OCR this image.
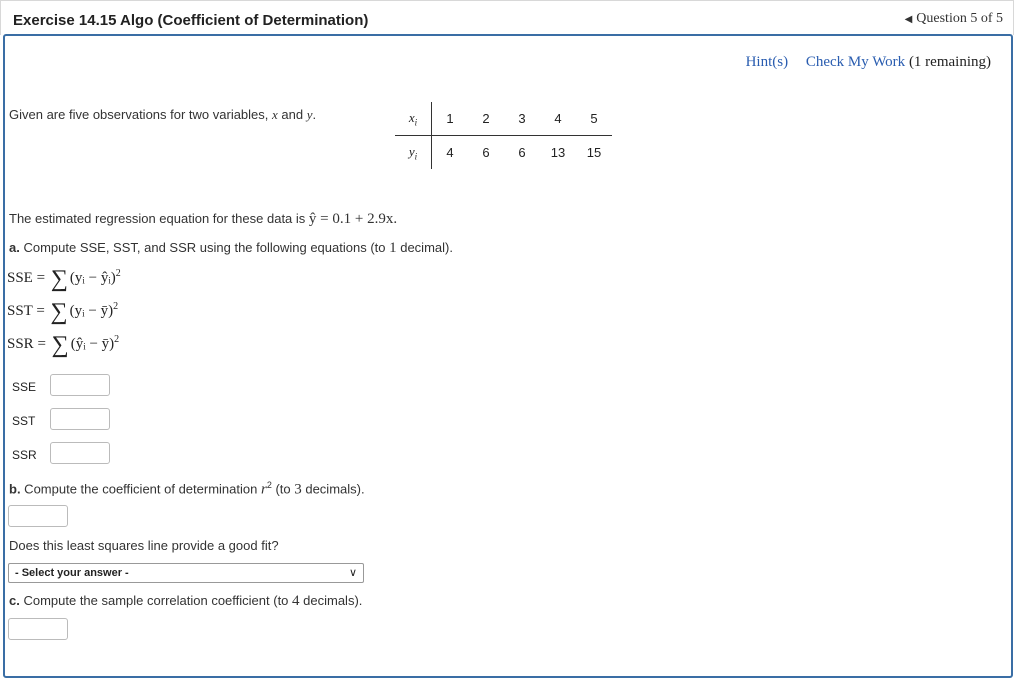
Exercise 14.15 Algo (Coefficient of Determination)	◀ Question 5 of 5
Hint(s) Check My Work (1 remaining)
Given are five observations for two variables, x and y.	$x_i$	1	2	3	4	5
$y_i$	4	6	6	13	15
The estimated regression equation for these data is ŷ = 0.1 + 2.9x.
a. Compute SSE, SST, and SSR using the following equations (to 1 decimal).
SSE = ∑ (yᵢ − ŷᵢ)$^2$
SST = ∑ (yᵢ − ȳ)$^2$
SSR = ∑ (ŷᵢ − ȳ)$^2$
SSE
SST
SSR
b. Compute the coefficient of determination $r^2$ (to 3 decimals).
Does this least squares line provide a good fit?
- Select your answer -	∨
c. Compute the sample correlation coefficient (to 4 decimals).
